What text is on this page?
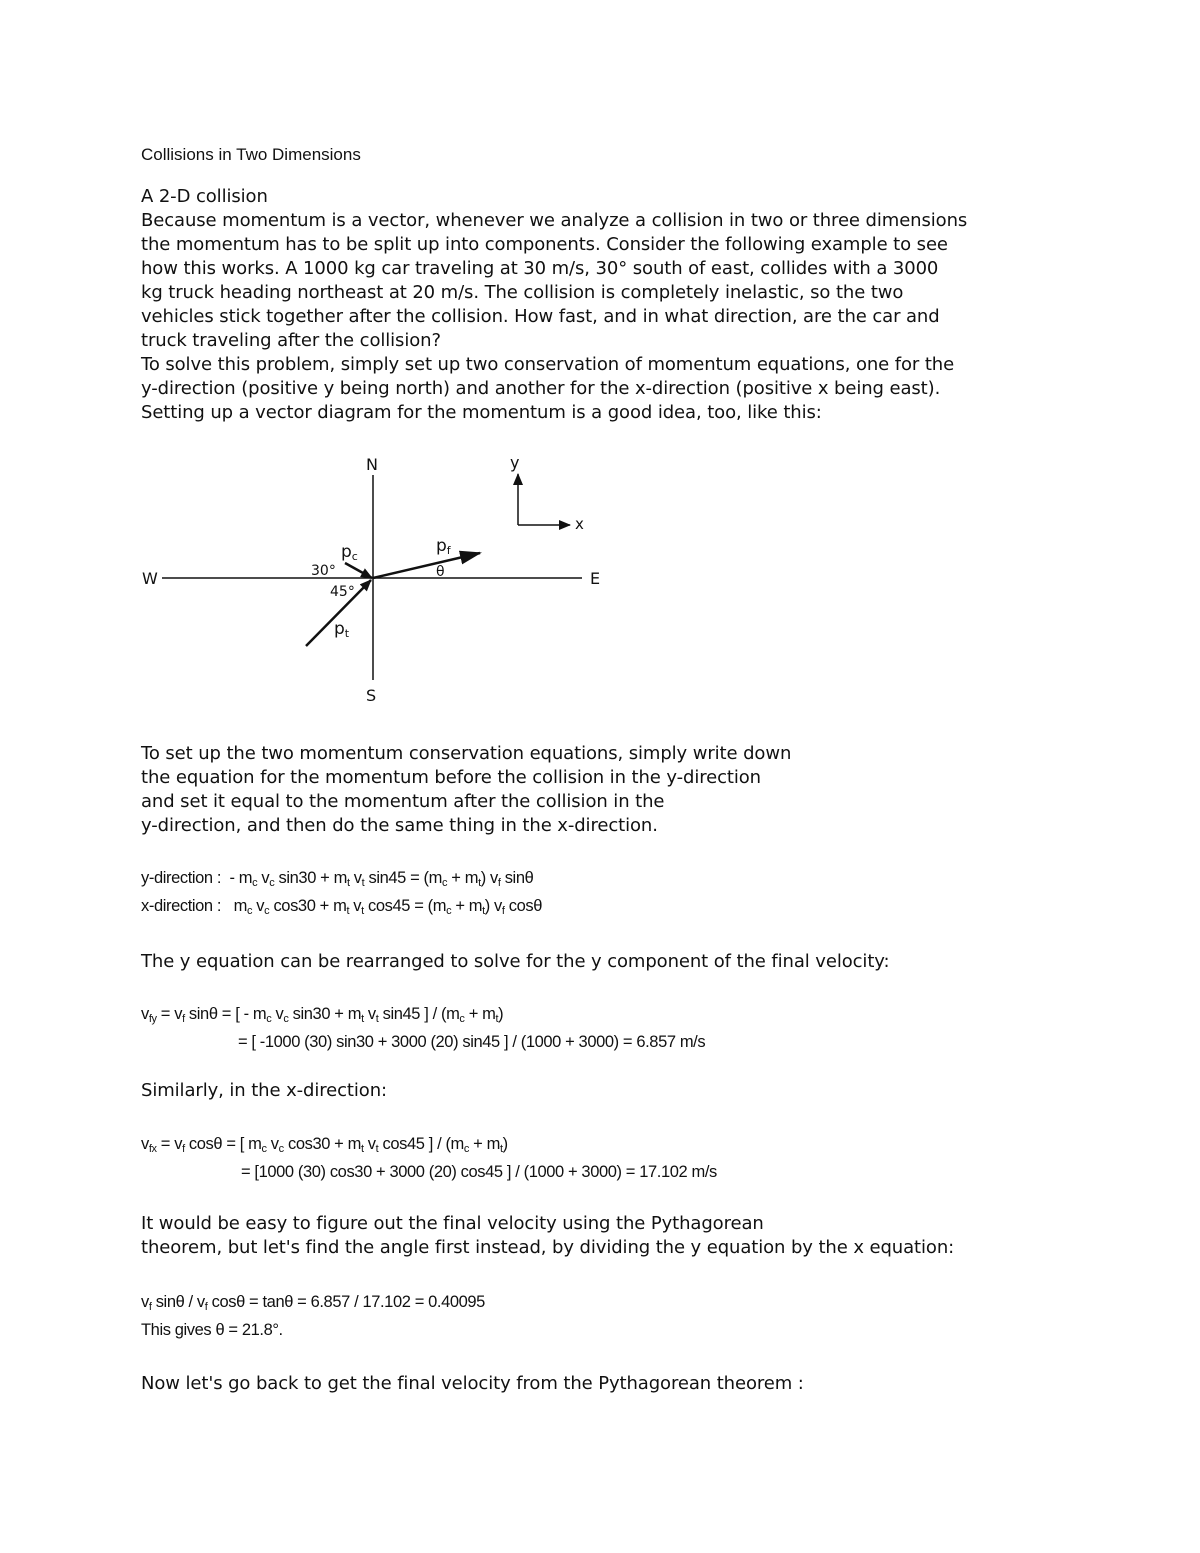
Collisions in Two Dimensions
A 2-D collision
Because momentum is a vector, whenever we analyze a collision in two or three dimensions
the momentum has to be split up into components. Consider the following example to see
how this works. A 1000 kg car traveling at 30 m/s, 30° south of east, collides with a 3000
kg truck heading northeast at 20 m/s. The collision is completely inelastic, so the two
vehicles stick together after the collision. How fast, and in what direction, are the car and
truck traveling after the collision?
To solve this problem, simply set up two conservation of momentum equations, one for the
y-direction (positive y being north) and another for the x-direction (positive x being east).
Setting up a vector diagram for the momentum is a good idea, too, like this:
N
S
E
W
y
x
pc
pf
pt
30°
45°
θ
To set up the two momentum conservation equations, simply write down
the equation for the momentum before the collision in the y-direction
and set it equal to the momentum after the collision in the
y-direction, and then do the same thing in the x-direction.
y-direction :  - $m_c$ $v_c$ $\sin 30 + m_t$ $v_t$ $\sin 45 = (m_c + m_t)$ $v_f$ sinθ
x-direction :   $m_c$ $v_c$ $\cos 30 + m_t$ $v_t$ $\cos 45 = (m_c + m_t)$ $v_f$ cosθ
The y equation can be rearranged to solve for the y component of the final velocity:
$v_{fy} = v_f$ sinθ = [ - $m_c$ $v_c$ $\sin 30 + m_t$ $v_t$ sin45 ] / $(m_c + m_t)$
= [ -1000 (30) sin30 + 3000 (20) sin45 ] / (1000 + 3000) = 6.857 m/s
Similarly, in the x-direction:
$v_{fx} = v_f$ cosθ = [ $m_c$ $v_c$ $\cos 30 + m_t$ $v_t$ cos45 ] / $(m_c + m_t)$
= [1000 (30) cos30 + 3000 (20) cos45 ] / (1000 + 3000) = 17.102 m/s
It would be easy to figure out the final velocity using the Pythagorean
theorem, but let's find the angle first instead, by dividing the y equation by the x equation:
$v_f$ sinθ / $v_f$ cosθ = tanθ = 6.857 / 17.102 = 0.40095
This gives θ = 21.8°.
Now let's go back to get the final velocity from the Pythagorean theorem :
